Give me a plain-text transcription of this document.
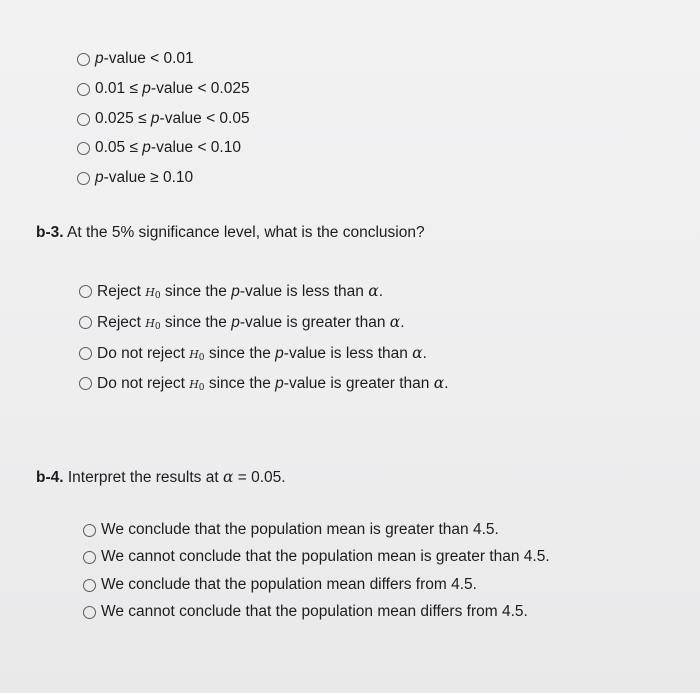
p-value < 0.01
0.01 ≤ p-value < 0.025
0.025 ≤ p-value < 0.05
0.05 ≤ p-value < 0.10
p-value ≥ 0.10
b-3. At the 5% significance level, what is the conclusion?
Reject $H_0$ since the p-value is less than α.
Reject $H_0$ since the p-value is greater than α.
Do not reject $H_0$ since the p-value is less than α.
Do not reject $H_0$ since the p-value is greater than α.
b-4. Interpret the results at α = 0.05.
We conclude that the population mean is greater than 4.5.
We cannot conclude that the population mean is greater than 4.5.
We conclude that the population mean differs from 4.5.
We cannot conclude that the population mean differs from 4.5.
